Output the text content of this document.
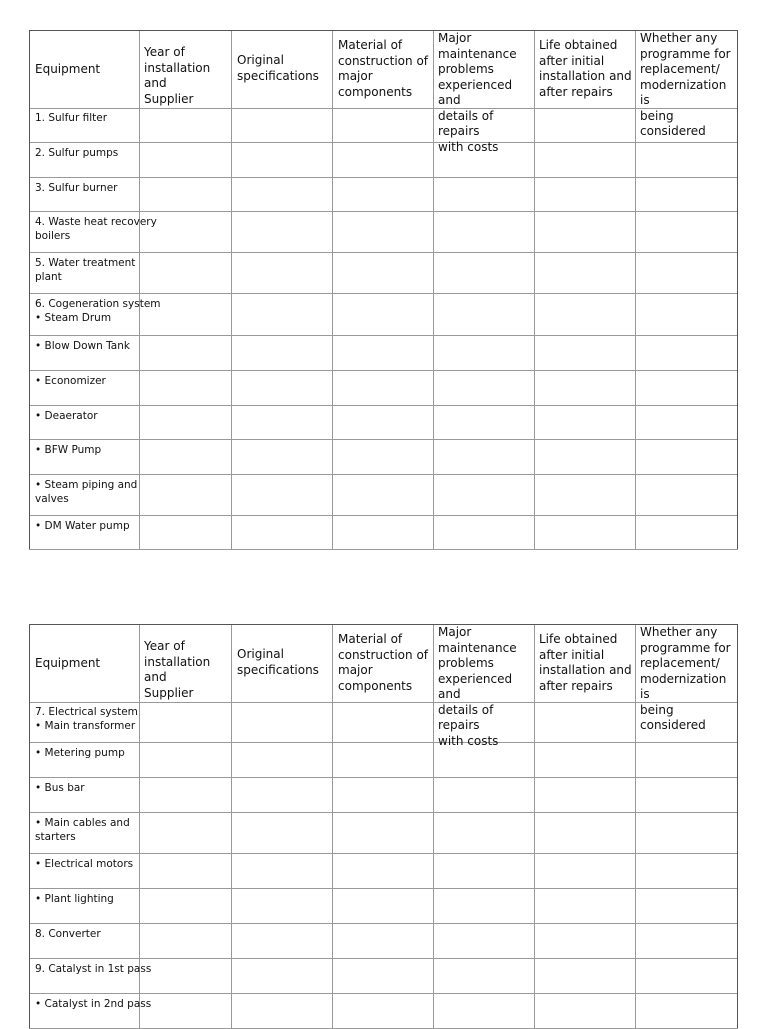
Equipment
Year of
installation and
Supplier
Original
specifications
Material of
construction of
major
components
Major maintenance
problems
experienced and
details of repairs
with costs
Life obtained
after initial
installation and
after repairs
Whether any
programme for
replacement/
modernization is
being considered
1. Sulfur filter
2. Sulfur pumps
3. Sulfur burner
4. Waste heat recovery
boilers
5. Water treatment
plant
6. Cogeneration system
• Steam Drum
• Blow Down Tank
• Economizer
• Deaerator
• BFW Pump
• Steam piping and
valves
• DM Water pump
Equipment
Year of
installation and
Supplier
Original
specifications
Material of
construction of
major
components
Major maintenance
problems
experienced and
details of repairs
with costs
Life obtained
after initial
installation and
after repairs
Whether any
programme for
replacement/
modernization is
being considered
7. Electrical system
• Main transformer
• Metering pump
• Bus bar
• Main cables and
starters
• Electrical motors
• Plant lighting
8. Converter
9. Catalyst in 1st pass
• Catalyst in 2nd pass
